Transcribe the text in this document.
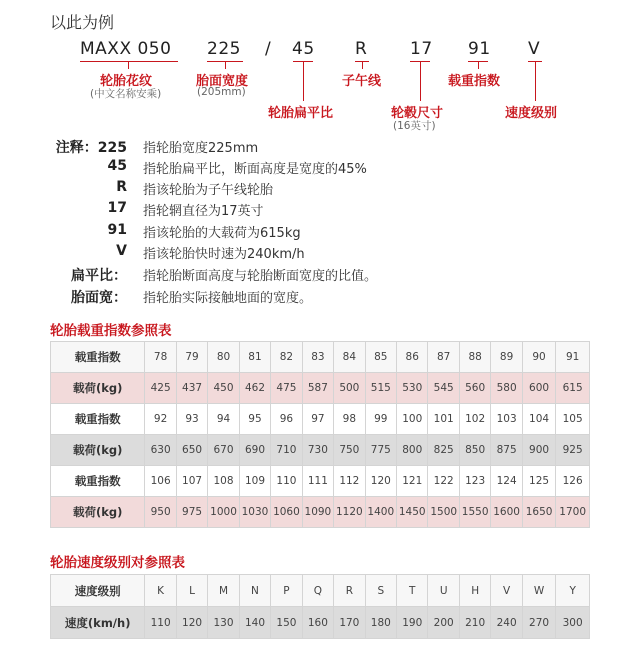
以此为例
MAXX 050 225 / 45 R	17 91 V
轮胎花纹
(中文名称安乘)
胎面宽度
(205mm)
轮胎扁平比
子午线
轮毂尺寸
(16英寸)
载重指数
速度级别
注释：225 指轮胎宽度225mm
45 指轮胎扁平比，断面高度是宽度的45%
R 指该轮胎为子午线轮胎
17 指轮辋直径为17英寸
91 指该轮胎的大载荷为615kg
V 指该轮胎快时速为240km/h
扁平比： 指轮胎断面高度与轮胎断面宽度的比值。
胎面宽： 指轮胎实际接触地面的宽度。
轮胎载重指数参照表
载重指数	78	79	80	81	82	83	84	85	86	87	88	89	90	91
载荷(kg)	425	437	450	462	475	587	500	515	530	545	560	580	600	615
载重指数	92	93	94	95	96	97	98	99	100	101	102	103	104	105
载荷(kg)	630	650	670	690	710	730	750	775	800	825	850	875	900	925
载重指数	106	107	108	109	110	111	112	120	121	122	123	124	125	126
载荷(kg)	950	975	1000	1030	1060	1090	1120	1400	1450	1500	1550	1600	1650	1700
轮胎速度级别对参照表
速度级别	K	L	M	N	P	Q	R	S	T	U	H	V	W	Y
速度(km/h)	110	120	130	140	150	160	170	180	190	200	210	240	270	300
